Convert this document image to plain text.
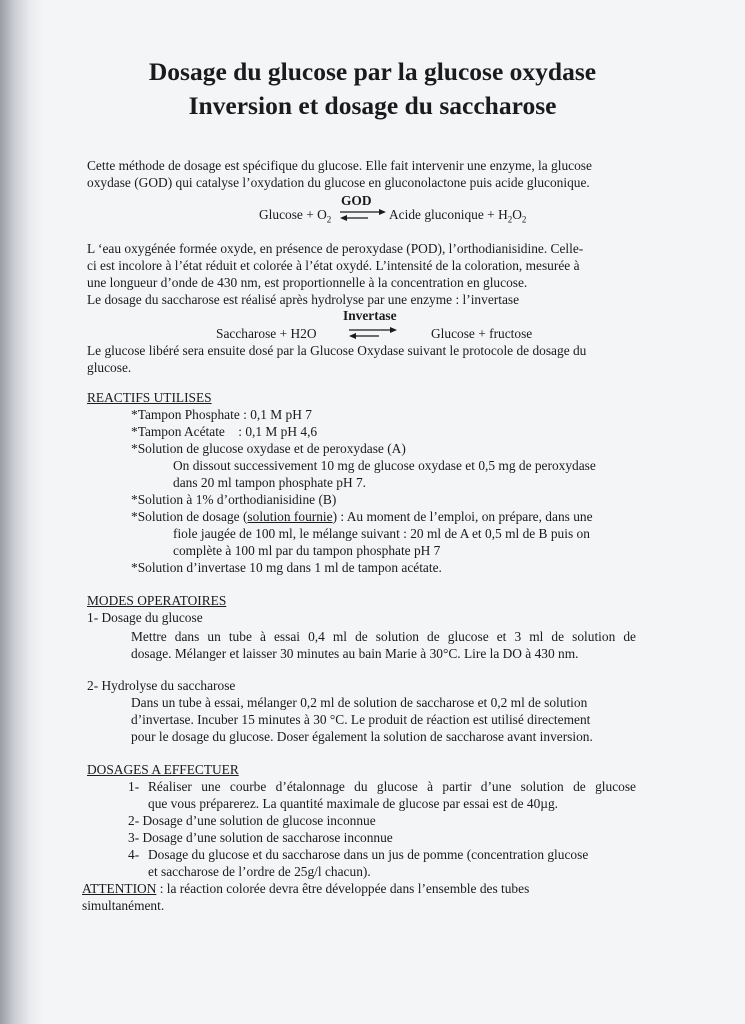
Dosage du glucose par la glucose oxydase
Inversion et dosage du saccharose
Cette méthode de dosage est spécifique du glucose. Elle fait intervenir une enzyme, la glucose
oxydase (GOD) qui catalyse l’oxydation du glucose en gluconolactone puis acide gluconique.
GOD
$Glucose + O_2$	Acide gluconique + $H_2O_2$
L ‘eau oxygénée formée oxyde, en présence de peroxydase (POD), l’orthodianisidine. Celle-
ci est incolore à l’état réduit et colorée à l’état oxydé. L’intensité de la coloration, mesurée à
une longueur d’onde de 430 nm, est proportionnelle à la concentration en glucose.
Le dosage du saccharose est réalisé après hydrolyse par une enzyme : l’invertase
Invertase
Saccharose + H2O	Glucose + fructose
Le glucose libéré sera ensuite dosé par la Glucose Oxydase suivant le protocole de dosage du
glucose.
REACTIFS UTILISES
*Tampon Phosphate : 0,1 M pH 7
*Tampon Acétate    : 0,1 M pH 4,6
*Solution de glucose oxydase et de peroxydase (A)
On dissout successivement 10 mg de glucose oxydase et 0,5 mg de peroxydase
dans 20 ml tampon phosphate pH 7.
*Solution à 1% d’orthodianisidine (B)
*Solution de dosage (solution fournie) : Au moment de l’emploi, on prépare, dans une
fiole jaugée de 100 ml, le mélange suivant : 20 ml de A et 0,5 ml de B puis on
complète à 100 ml par du tampon phosphate pH 7
*Solution d’invertase 10 mg dans 1 ml de tampon acétate.
MODES OPERATOIRES
1- Dosage du glucose
Mettre dans un tube à essai 0,4 ml de solution de glucose et 3 ml de solution de
dosage. Mélanger et laisser 30 minutes au bain Marie à 30°C. Lire la DO à 430 nm.
2- Hydrolyse du saccharose
Dans un tube à essai, mélanger 0,2 ml de solution de saccharose et 0,2 ml de solution
d’invertase. Incuber 15 minutes à 30 °C. Le produit de réaction est utilisé directement
pour le dosage du glucose. Doser également la solution de saccharose avant inversion.
DOSAGES A EFFECTUER
1- Réaliser une courbe d’étalonnage du glucose à partir d’une solution de glucose
que vous préparerez. La quantité maximale de glucose par essai est de 40µg.
2- Dosage d’une solution de glucose inconnue
3- Dosage d’une solution de saccharose inconnue
4- Dosage du glucose et du saccharose dans un jus de pomme (concentration glucose
et saccharose de l’ordre de 25g/l chacun).
ATTENTION : la réaction colorée devra être développée dans l’ensemble des tubes
simultanément.
